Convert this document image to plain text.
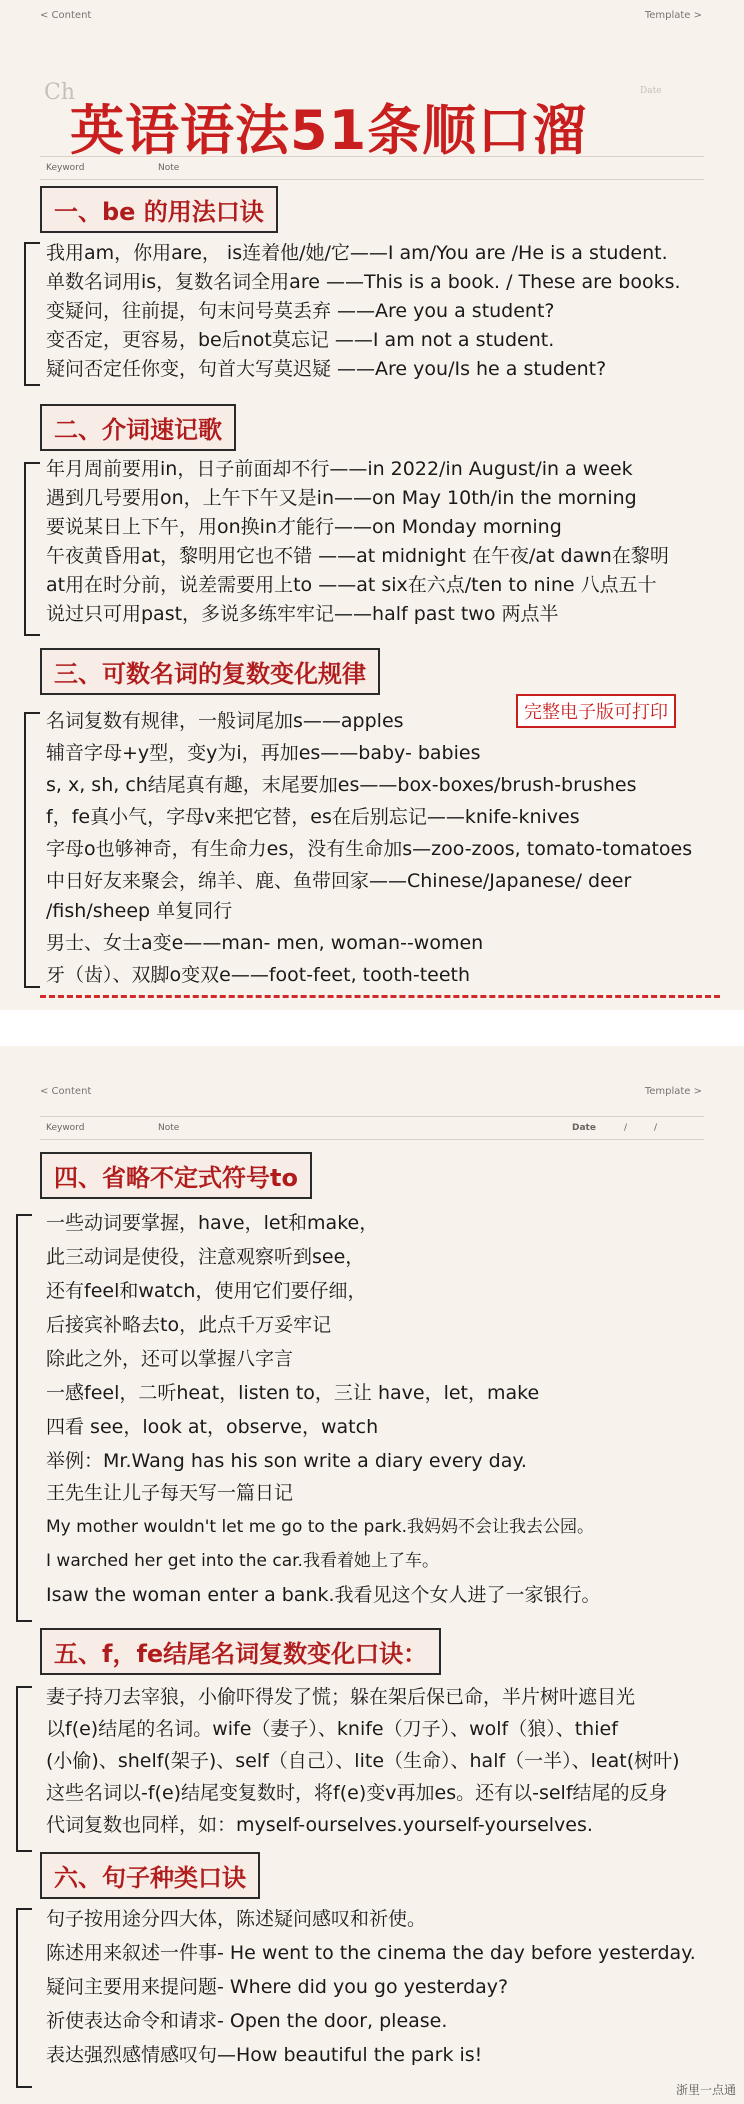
< Content	Template >
Ch	Date
英语语法51条顺口溜
Keyword	Note
一、be 的用法口诀
我用am，你用are， is连着他/她/它——I am/You are /He is a student.
单数名词用is，复数名词全用are ——This is a book. / These are books.
变疑问，往前提，句末问号莫丢弃 ——Are you a student?
变否定，更容易，be后not莫忘记 ——I am not a student.
疑问否定任你变，句首大写莫迟疑 ——Are you/Is he a student?
二、介词速记歌
年月周前要用in，日子前面却不行——in 2022/in August/in a week
遇到几号要用on，上午下午又是in——on May 10th/in the morning
要说某日上下午，用on换in才能行——on Monday morning
午夜黄昏用at，黎明用它也不错 ——at midnight 在午夜/at dawn在黎明
at用在时分前，说差需要用上to ——at six在六点/ten to nine 八点五十
说过只可用past，多说多练牢牢记——half past two 两点半
三、可数名词的复数变化规律
完整电子版可打印
名词复数有规律，一般词尾加s——apples
辅音字母+y型，变y为i，再加es——baby- babies
s, x, sh, ch结尾真有趣，末尾要加es——box-boxes/brush-brushes
f，fe真小气，字母v来把它替，es在后别忘记——knife-knives
字母o也够神奇，有生命力es，没有生命加s—zoo-zoos, tomato-tomatoes
中日好友来聚会，绵羊、鹿、鱼带回家——Chinese/Japanese/ deer
/fish/sheep 单复同行
男士、女士a变e——man- men, woman--women
牙（齿）、双脚o变双e——foot-feet, tooth-teeth
< Content	Template >
Keyword	Note	Date	/	/
四、省略不定式符号to
一些动词要掌握，have，let和make，
此三动词是使役，注意观察听到see，
还有feel和watch，使用它们要仔细，
后接宾补略去to，此点千万妥牢记
除此之外，还可以掌握八字言
一感feel，二听heat，listen to，三让 have，let，make
四看 see，look at，observe，watch
举例：Mr.Wang has his son write a diary every day.
王先生让儿子每天写一篇日记
My mother wouldn't let me go to the park.我妈妈不会让我去公园。
I warched her get into the car.我看着她上了车。
Isaw the woman enter a bank.我看见这个女人进了一家银行。
五、f，fe结尾名词复数变化口诀：
妻子持刀去宰狼，小偷吓得发了慌；躲在架后保已命，半片树叶遮目光
以f(e)结尾的名词。wife（妻子）、knife（刀子）、wolf（狼）、thief
(小偷)、shelf(架子)、self（自己）、lite（生命）、half（一半）、leat(树叶)
这些名词以-f(e)结尾变复数时，将f(e)变v再加es。还有以-self结尾的反身
代词复数也同样，如：myself-ourselves.yourself-yourselves.
六、句子种类口诀
句子按用途分四大体，陈述疑问感叹和祈使。
陈述用来叙述一件事- He went to the cinema the day before yesterday.
疑问主要用来提问题- Where did you go yesterday?
祈使表达命令和请求- Open the door, please.
表达强烈感情感叹句—How beautiful the park is!
浙里一点通
